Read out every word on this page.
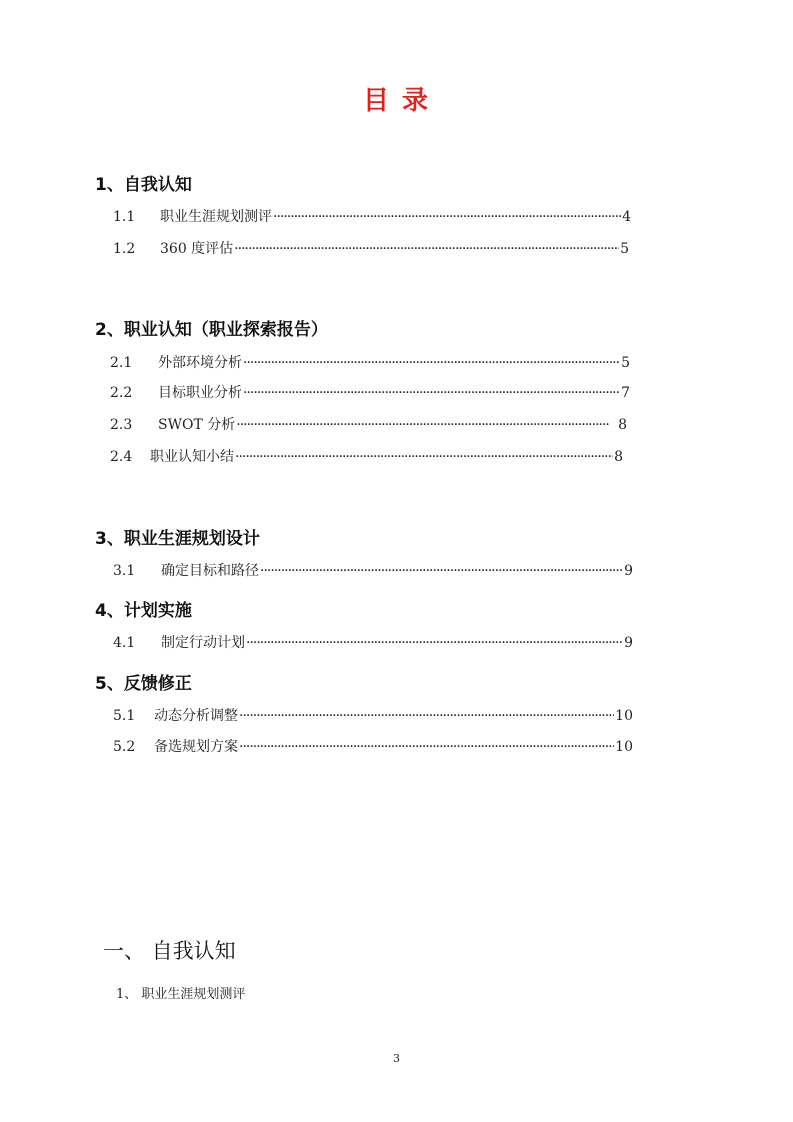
目 录
1、自我认知
1.1	职业生涯规划测评 ·····	4
1.2	360 度评估 ·····	5
2、职业认知（职业探索报告）
2.1	外部环境分析 ·····	5
2.2	目标职业分析 ·····	7
2.3	SWOT 分析 ·····	8
2.4	职业认知小结 ·····	8
3、职业生涯规划设计
3.1	确定目标和路径 ·····	9
4、计划实施
4.1	制定行动计划 ·····	9
5、反馈修正
5.1	动态分析调整 ·····	10
5.2	备选规划方案 ·····	10
一、 自我认知
1、 职业生涯规划测评
3
